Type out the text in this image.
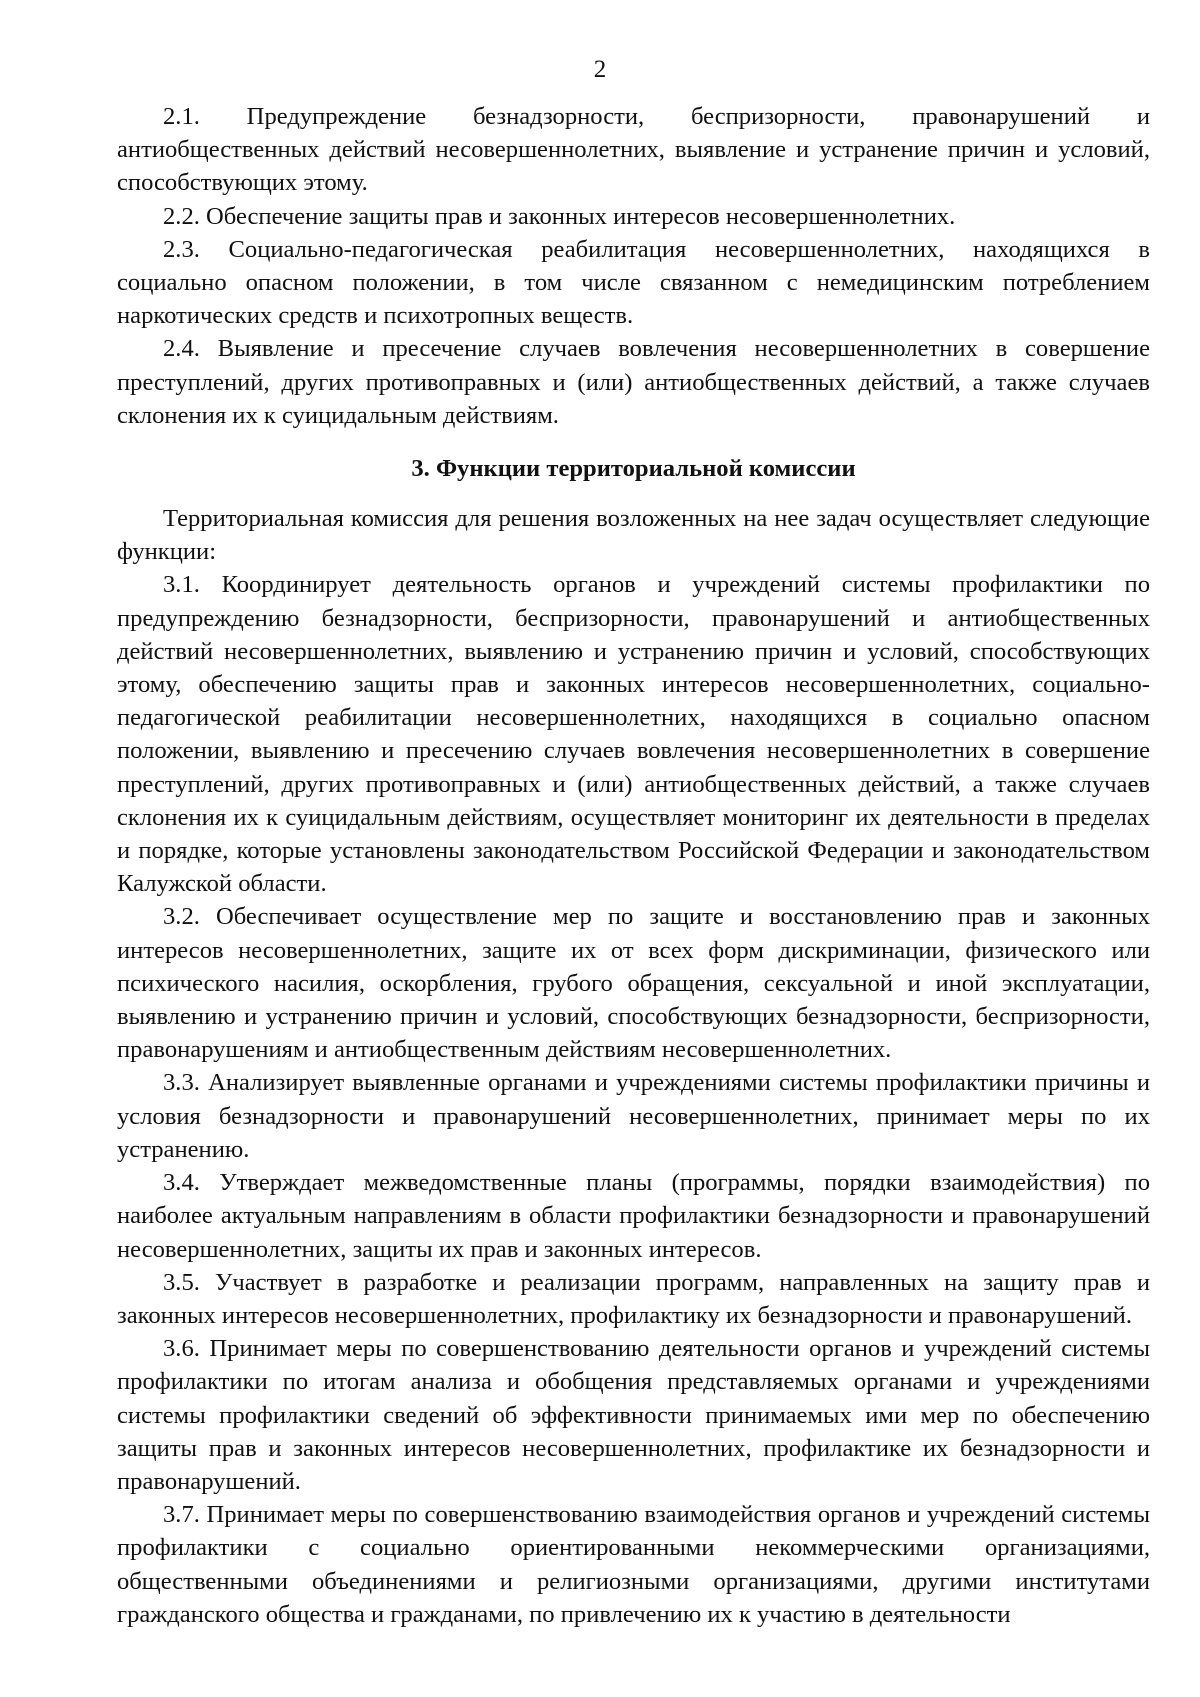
2

2.1. Предупреждение безнадзорности, беспризорности, правонарушений и антиобщественных действий несовершеннолетних, выявление и устранение причин и условий, способствующих этому.

2.2. Обеспечение защиты прав и законных интересов несовершеннолетних.

2.3. Социально-педагогическая реабилитация несовершеннолетних, находящихся в социально опасном положении, в том числе связанном с немедицинским потреблением наркотических средств и психотропных веществ.

2.4. Выявление и пресечение случаев вовлечения несовершеннолетних в совершение преступлений, других противоправных и (или) антиобщественных действий, а также случаев склонения их к суицидальным действиям.

3. Функции территориальной комиссии

Территориальная комиссия для решения возложенных на нее задач осуществляет следующие функции:

3.1. Координирует деятельность органов и учреждений системы профилактики по предупреждению безнадзорности, беспризорности, правонарушений и антиобщественных действий несовершеннолетних, выявлению и устранению причин и условий, способствующих этому, обеспечению защиты прав и законных интересов несовершеннолетних, социально-педагогической реабилитации несовершеннолетних, находящихся в социально опасном положении, выявлению и пресечению случаев вовлечения несовершеннолетних в совершение преступлений, других противоправных и (или) антиобщественных действий, а также случаев склонения их к суицидальным действиям, осуществляет мониторинг их деятельности в пределах и порядке, которые установлены законодательством Российской Федерации и законодательством Калужской области.

3.2. Обеспечивает осуществление мер по защите и восстановлению прав и законных интересов несовершеннолетних, защите их от всех форм дискриминации, физического или психического насилия, оскорбления, грубого обращения, сексуальной и иной эксплуатации, выявлению и устранению причин и условий, способствующих безнадзорности, беспризорности, правонарушениям и антиобщественным действиям несовершеннолетних.

3.3. Анализирует выявленные органами и учреждениями системы профилактики причины и условия безнадзорности и правонарушений несовершеннолетних, принимает меры по их устранению.

3.4. Утверждает межведомственные планы (программы, порядки взаимодействия) по наиболее актуальным направлениям в области профилактики безнадзорности и правонарушений несовершеннолетних, защиты их прав и законных интересов.

3.5. Участвует в разработке и реализации программ, направленных на защиту прав и законных интересов несовершеннолетних, профилактику их безнадзорности и правонарушений.

3.6. Принимает меры по совершенствованию деятельности органов и учреждений системы профилактики по итогам анализа и обобщения представляемых органами и учреждениями системы профилактики сведений об эффективности принимаемых ими мер по обеспечению защиты прав и законных интересов несовершеннолетних, профилактике их безнадзорности и правонарушений.

3.7. Принимает меры по совершенствованию взаимодействия органов и учреждений системы профилактики с социально ориентированными некоммерческими организациями, общественными объединениями и религиозными организациями, другими институтами гражданского общества и гражданами, по привлечению их к участию в деятельности
